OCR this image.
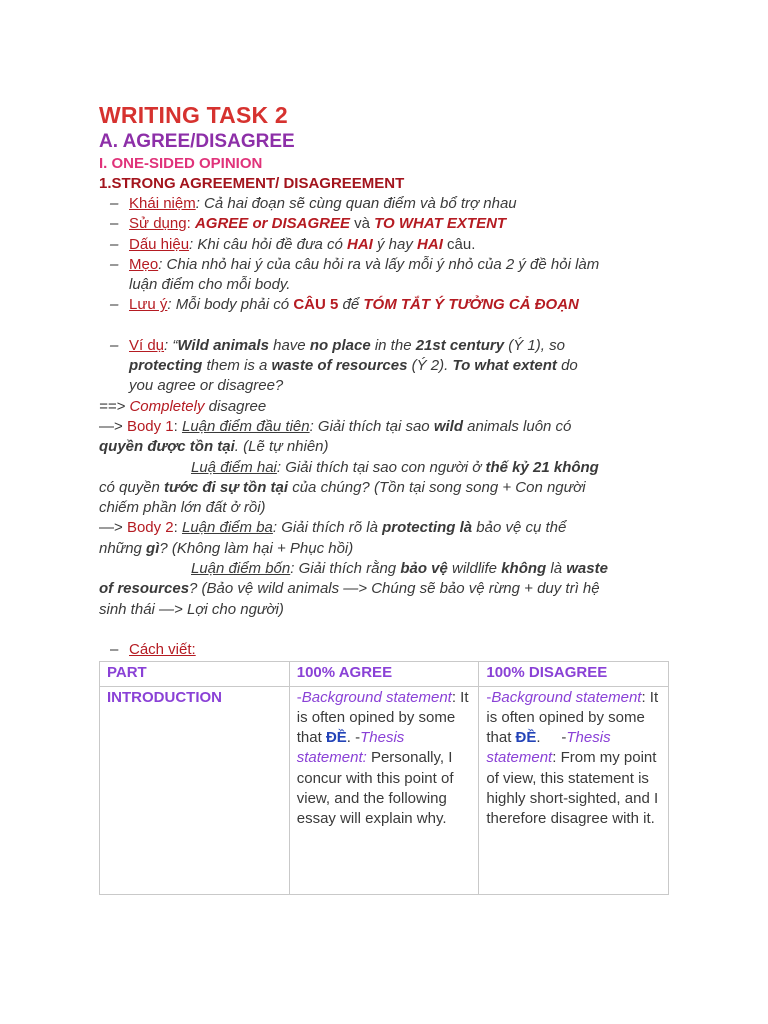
WRITING TASK 2

A. AGREE/DISAGREE

I. ONE-SIDED OPINION

1.STRONG AGREEMENT/ DISAGREEMENT

– Khái niệm: Cả hai đoạn sẽ cùng quan điểm và bổ trợ nhau

– Sử dụng: AGREE or DISAGREE và TO WHAT EXTENT

– Dấu hiệu: Khi câu hỏi đề đưa có HAI ý hay HAI câu.

– Mẹo: Chia nhỏ hai ý của câu hỏi ra và lấy mỗi ý nhỏ của 2 ý đề hỏi làm
luận điểm cho mỗi body.

– Lưu ý: Mỗi body phải có CÂU 5 để TÓM TẮT Ý TƯỞNG CẢ ĐOẠN

– Ví dụ: “Wild animals have no place in the 21st century (Ý 1), so
protecting them is a waste of resources (Ý 2). To what extent do
you agree or disagree?

==> Completely disagree

—> Body 1: Luận điểm đầu tiên: Giải thích tại sao wild animals luôn có
quyền được tồn tại. (Lẽ tự nhiên)
Luậ điểm hai: Giải thích tại sao con người ở thế kỷ 21 không
có quyền tước đi sự tồn tại của chúng? (Tồn tại song song + Con người
chiếm phần lớn đất ở rồi)

—> Body 2: Luận điểm ba: Giải thích rõ là protecting là bảo vệ cụ thể
những gì? (Không làm hại + Phục hồi)
Luận điểm bốn: Giải thích rằng bảo vệ wildlife không là waste
of resources? (Bảo vệ wild animals —> Chúng sẽ bảo vệ rừng + duy trì hệ
sinh thái —> Lợi cho người)

– Cách viết:

PART	100% AGREE	100% DISAGREE
INTRODUCTION	-Background statement: It is often opined by some that ĐỀ. -Thesis statement: Personally, I concur with this point of view, and the following essay will explain why.	-Background statement: It is often opined by some that ĐỀ.     -Thesis statement: From my point of view, this statement is highly short-sighted, and I therefore disagree with it.
